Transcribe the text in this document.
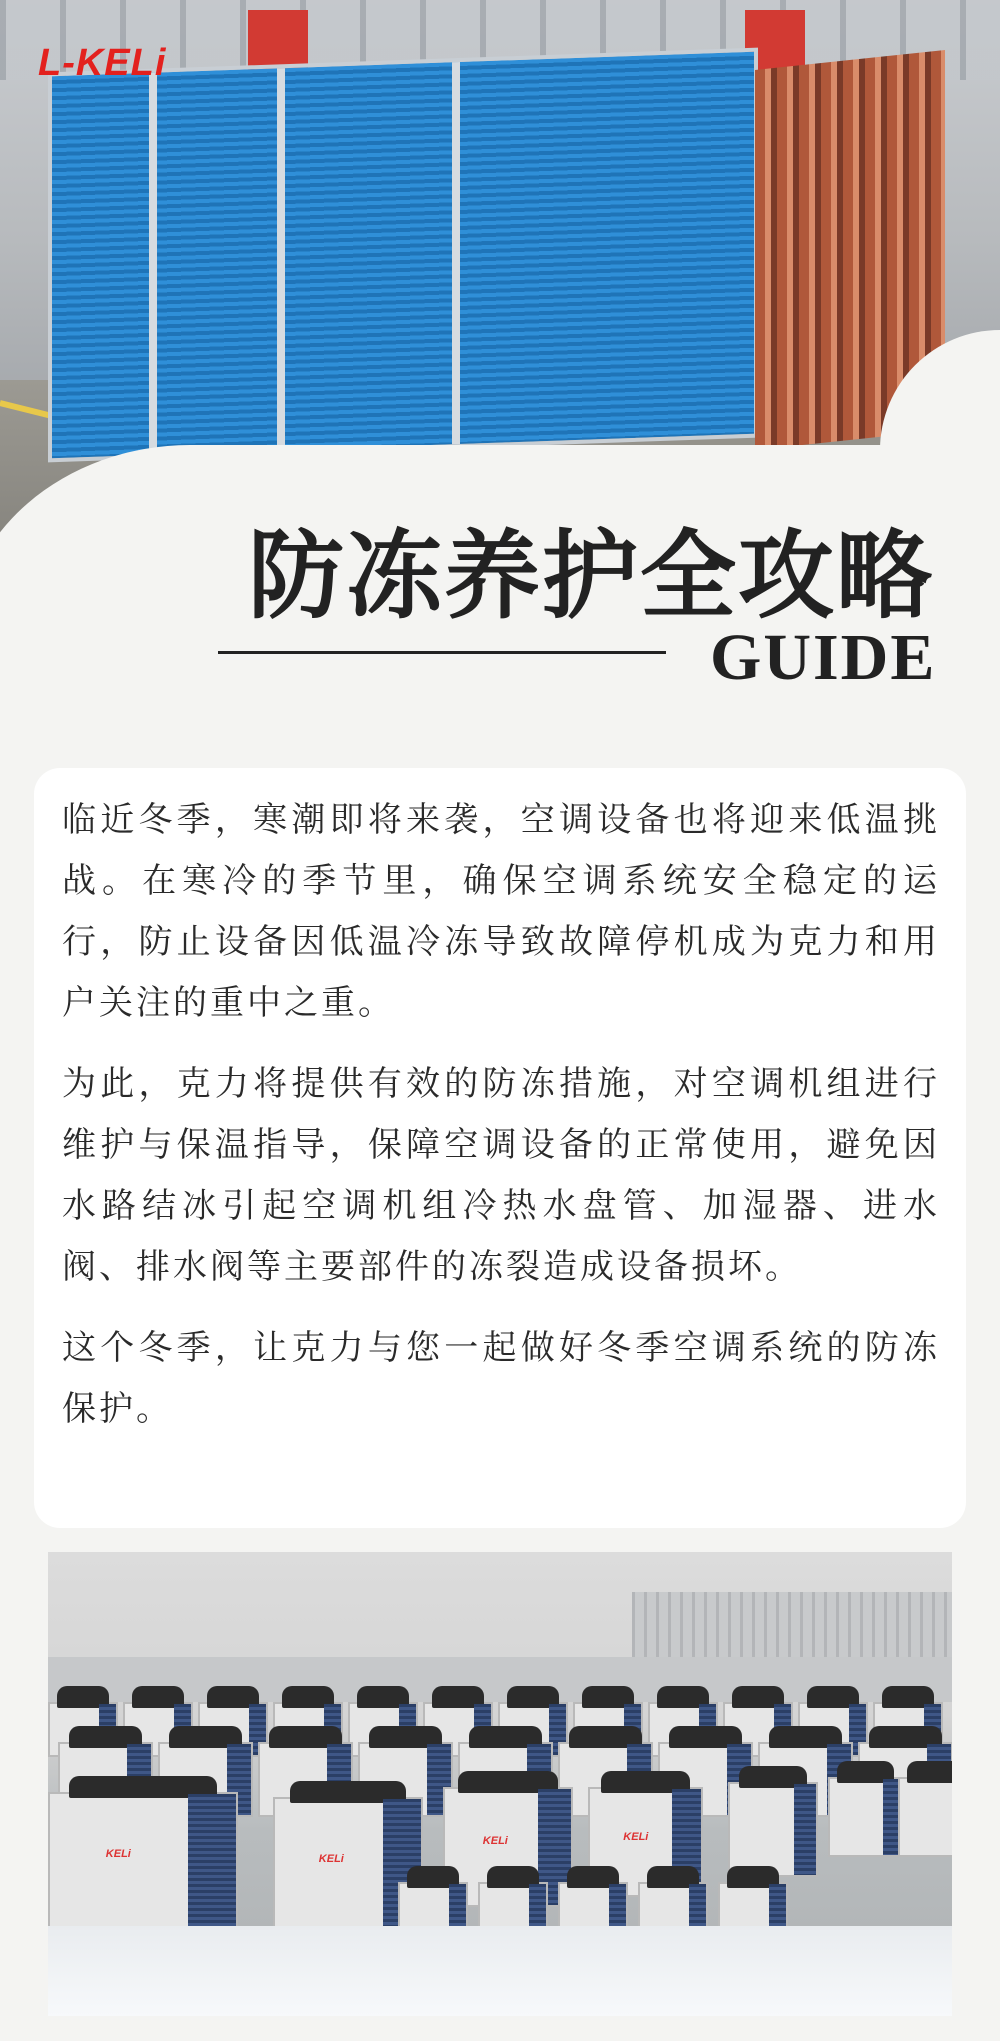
L-KELi
防冻养护全攻略
GUIDE

临近冬季，寒潮即将来袭，空调设备也将迎来低温挑战。在寒冷的季节里，确保空调系统安全稳定的运行，防止设备因低温冷冻导致故障停机成为克力和用户关注的重中之重。

为此，克力将提供有效的防冻措施，对空调机组进行维护与保温指导，保障空调设备的正常使用，避免因水路结冰引起空调机组冷热水盘管、加湿器、进水阀、排水阀等主要部件的冻裂造成设备损坏。

这个冬季，让克力与您一起做好冬季空调系统的防冻保护。

KELi	KELi
KELi	KELi
